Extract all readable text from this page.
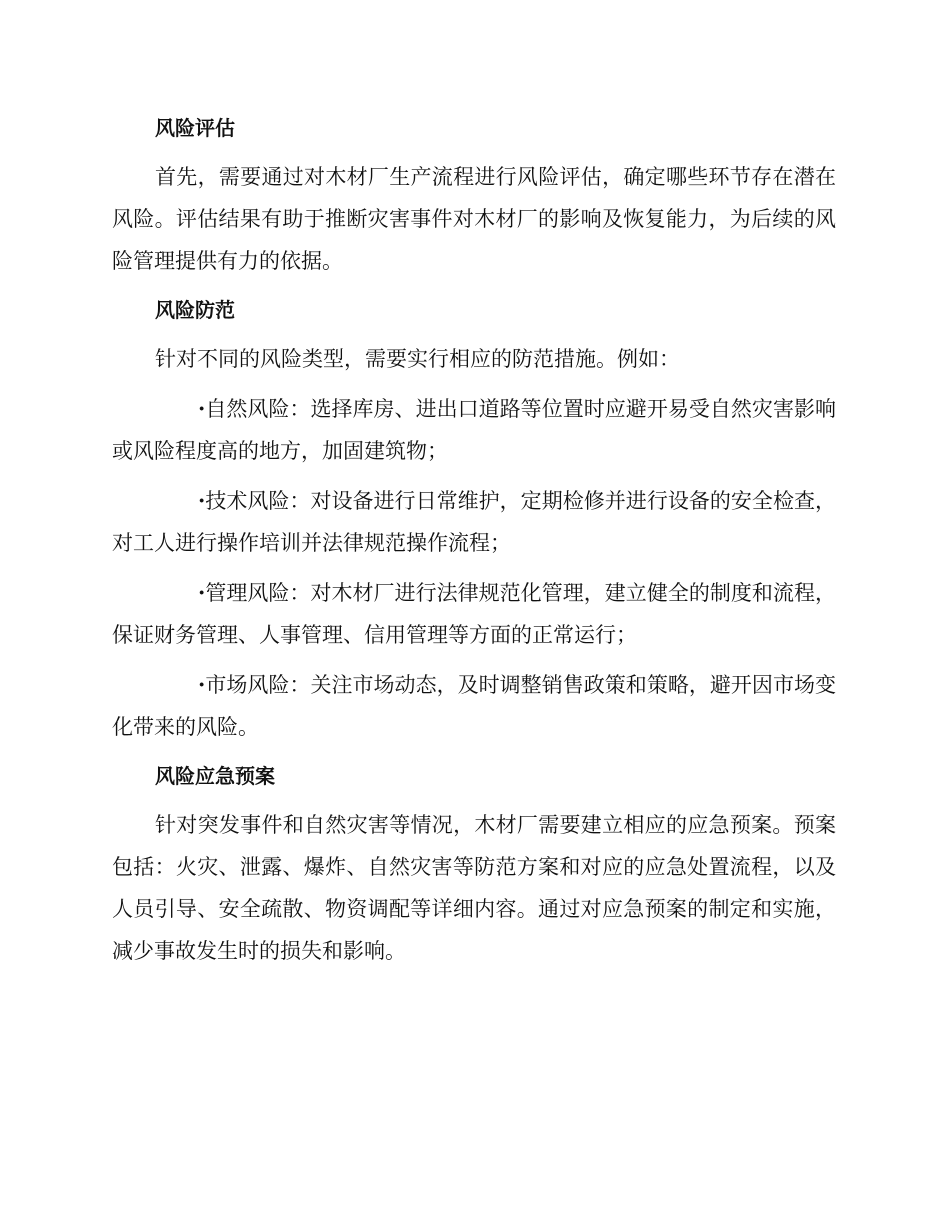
风险评估

首先，需要通过对木材厂生产流程进行风险评估，确定哪些环节存在潜在风险。评估结果有助于推断灾害事件对木材厂的影响及恢复能力，为后续的风险管理提供有力的依据。

风险防范

针对不同的风险类型，需要实行相应的防范措施。例如：

·自然风险：选择库房、进出口道路等位置时应避开易受自然灾害影响或风险程度高的地方，加固建筑物；

·技术风险：对设备进行日常维护，定期检修并进行设备的安全检查，对工人进行操作培训并法律规范操作流程；

·管理风险：对木材厂进行法律规范化管理，建立健全的制度和流程，保证财务管理、人事管理、信用管理等方面的正常运行；

·市场风险：关注市场动态，及时调整销售政策和策略，避开因市场变化带来的风险。

风险应急预案

针对突发事件和自然灾害等情况，木材厂需要建立相应的应急预案。预案包括：火灾、泄露、爆炸、自然灾害等防范方案和对应的应急处置流程，以及人员引导、安全疏散、物资调配等详细内容。通过对应急预案的制定和实施，减少事故发生时的损失和影响。
